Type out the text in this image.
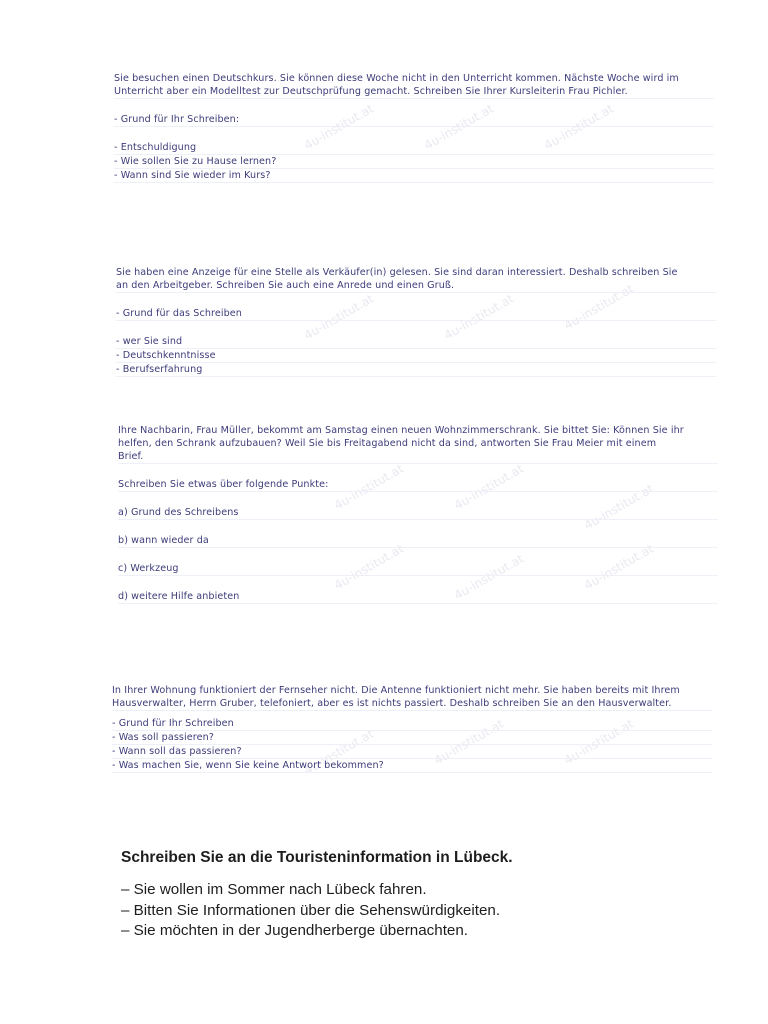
4u-institut.at	4u-institut.at	4u-institut.at
4u-institut.at	4u-institut.at	4u-institut.at
4u-institut.at	4u-institut.at	4u-institut.at
4u-institut.at	4u-institut.at	4u-institut.at
4u-institut.at	4u-institut.at	4u-institut.at

Sie besuchen einen Deutschkurs. Sie können diese Woche nicht in den Unterricht kommen. Nächste Woche wird im

Unterricht aber ein Modelltest zur Deutschprüfung gemacht. Schreiben Sie Ihrer Kursleiterin Frau Pichler.

- Grund für Ihr Schreiben:

- Entschuldigung

- Wie sollen Sie zu Hause lernen?

- Wann sind Sie wieder im Kurs?

Sie haben eine Anzeige für eine Stelle als Verkäufer(in) gelesen. Sie sind daran interessiert. Deshalb schreiben Sie

an den Arbeitgeber. Schreiben Sie auch eine Anrede und einen Gruß.

- Grund für das Schreiben

- wer Sie sind

- Deutschkenntnisse

- Berufserfahrung

Ihre Nachbarin, Frau Müller, bekommt am Samstag einen neuen Wohnzimmerschrank. Sie bittet Sie: Können Sie ihr

helfen, den Schrank aufzubauen? Weil Sie bis Freitagabend nicht da sind, antworten Sie Frau Meier mit einem

Brief.

Schreiben Sie etwas über folgende Punkte:

a) Grund des Schreibens

b) wann wieder da

c) Werkzeug

d) weitere Hilfe anbieten

In Ihrer Wohnung funktioniert der Fernseher nicht. Die Antenne funktioniert nicht mehr. Sie haben bereits mit Ihrem

Hausverwalter, Herrn Gruber, telefoniert, aber es ist nichts passiert. Deshalb schreiben Sie an den Hausverwalter.

- Grund für Ihr Schreiben

- Was soll passieren?

- Wann soll das passieren?

- Was machen Sie, wenn Sie keine Antwort bekommen?

Schreiben Sie an die Touristeninformation in Lübeck.

– Sie wollen im Sommer nach Lübeck fahren.

– Bitten Sie Informationen über die Sehenswürdigkeiten.

– Sie möchten in der Jugendherberge übernachten.
